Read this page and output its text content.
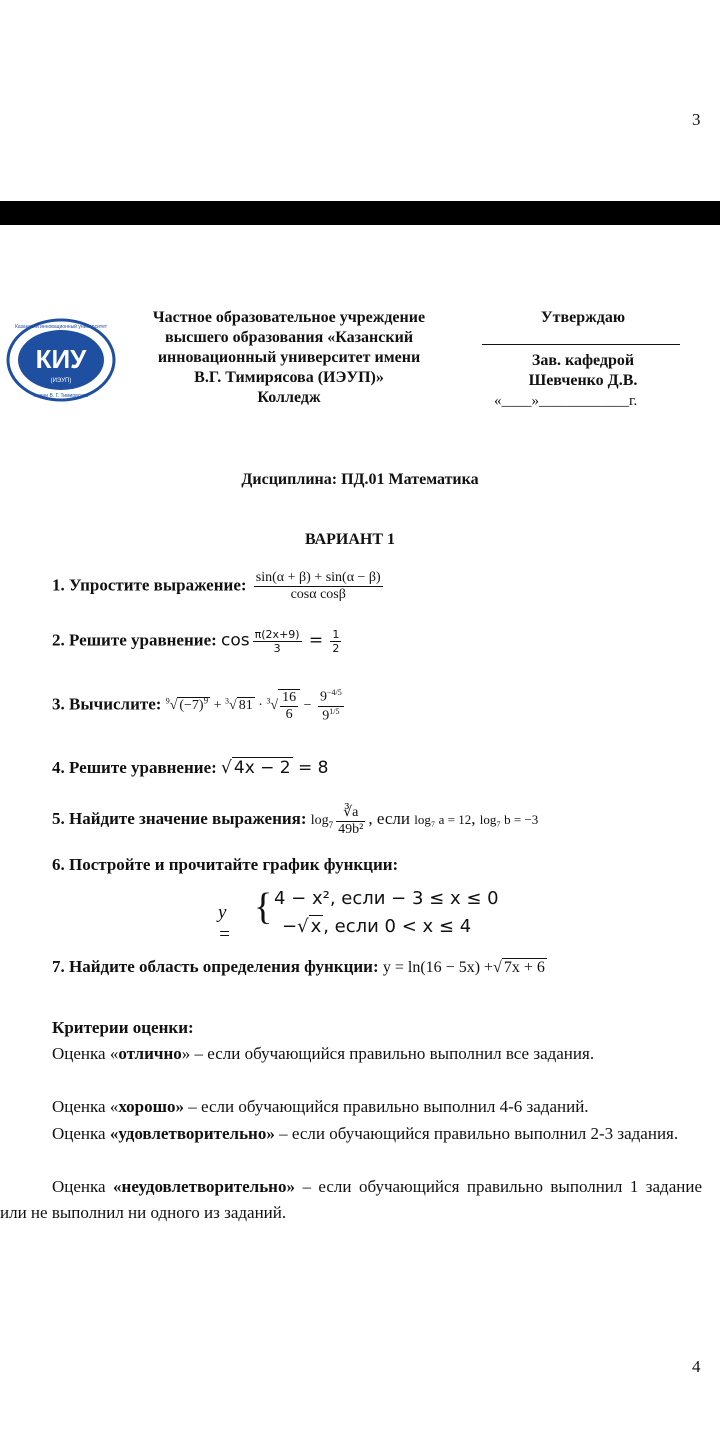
3
КИУ
(ИЭУП)
Казанский инновационный университет
имени В. Г. Тимирясова
Частное образовательное учреждение
высшего образования «Казанский
инновационный университет имени
В.Г. Тимирясова (ИЭУП)»
Колледж
Утверждаю
Зав. кафедрой
Шевченко Д.В.
«____»____________г.
Дисциплина: ПД.01 Математика
ВАРИАНТ 1
1. Упростите выражение: $\frac{\sin(\alpha + \beta) + \sin(\alpha - \beta)}{\text{cosα cosβ}}$
2. Решите уравнение: $\cos \frac{\pi(2x+9)}{3} = \frac{1}{2}$
3. Вычислите: $^9$√ $(-7)^9 + ^3√$ $81 \cdot ^3√ \frac{16}{6} - \frac{9^{-4/5}}{9^{1/5}}$
4. Решите уравнение: √ 4x − 2 = 8
5. Найдите значение выражения: $\log_7 \frac{∛a}{\text{49b²}}$ , если log₇ a = 12, log₇ b = −3
6. Постройте и прочитайте график функции:
y =
{ 4 − x², если − 3 ≤ x ≤ 0
−√ x , если 0 < x ≤ 4
7. Найдите область определения функции: y = ln(16 − 5x) +√ 7x + 6
Критерии оценки:
Оценка «отлично» – если обучающийся правильно выполнил все задания.
Оценка «хорошо» – если обучающийся правильно выполнил 4-6 заданий.
Оценка «удовлетворительно» – если обучающийся правильно выполнил 2-3 задания.
Оценка «неудовлетворительно» – если обучающийся правильно выполнил 1 задание или не выполнил ни одного из заданий.
4
